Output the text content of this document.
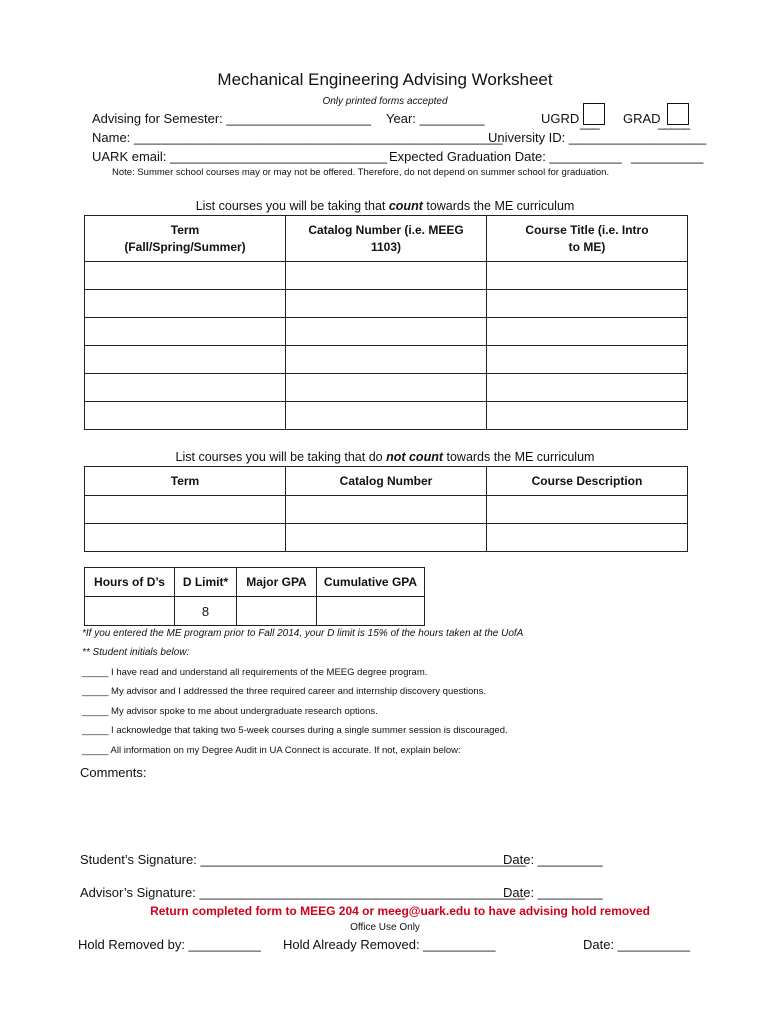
Mechanical Engineering Advising Worksheet
Only printed forms accepted
Advising for Semester: ____________________ Year: _________	UGRD ___ GRAD
_____
Name: ___________________________________________________
University ID: ___________________
UARK email: ______________________________ Expected Graduation Date: __________ __________
Note: Summer school courses may or may not be offered. Therefore, do not depend on summer school for graduation.
List courses you will be taking that count towards the ME curriculum
Term
(Fall/Spring/Summer)	Catalog Number (i.e. MEEG
1103)	Course Title (i.e. Intro
to ME)

List courses you will be taking that do not count towards the ME curriculum
Term	Catalog Number	Course Description

Hours of D’s	D Limit*	Major GPA	Cumulative GPA
	8		
*If you entered the ME program prior to Fall 2014, your D limit is 15% of the hours taken at the UofA
** Student initials below:
_____ I have read and understand all requirements of the MEEG degree program.
_____ My advisor and I addressed the three required career and internship discovery questions.
_____ My advisor spoke to me about undergraduate research options.
_____ I acknowledge that taking two 5-week courses during a single summer session is discouraged.
_____ All information on my Degree Audit in UA Connect is accurate. If not, explain below:
Comments:
Student’s Signature: _____________________________________________
Date: _________
Advisor’s Signature: _____________________________________________
Date: _________
Return completed form to MEEG 204 or meeg@uark.edu to have advising hold removed
Office Use Only
Hold Removed by: __________ Hold Already Removed: __________	Date: __________
